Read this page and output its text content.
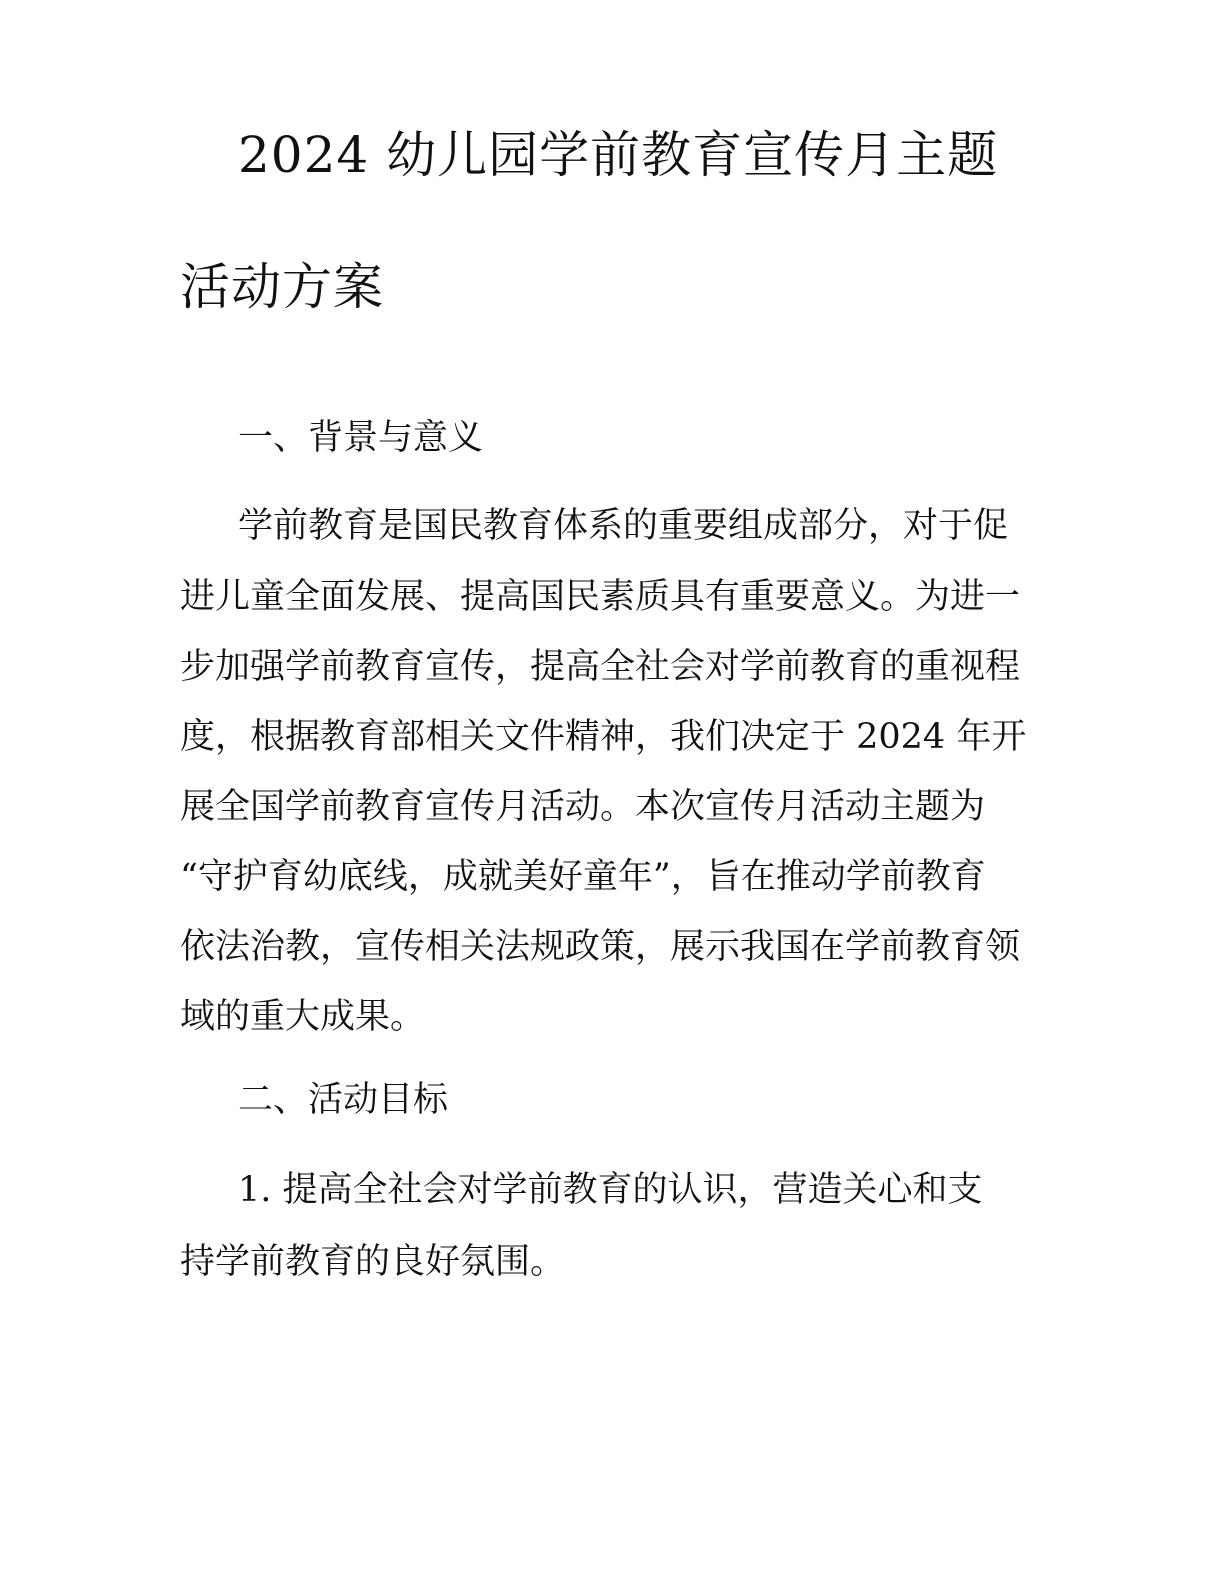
2024 幼儿园学前教育宣传月主题
活动方案
一、背景与意义
学前教育是国民教育体系的重要组成部分，对于促
进儿童全面发展、提高国民素质具有重要意义。为进一
步加强学前教育宣传，提高全社会对学前教育的重视程
度，根据教育部相关文件精神，我们决定于 2024 年开
展全国学前教育宣传月活动。本次宣传月活动主题为
“守护育幼底线，成就美好童年”，旨在推动学前教育
依法治教，宣传相关法规政策，展示我国在学前教育领
域的重大成果。
二、活动目标
1. 提高全社会对学前教育的认识，营造关心和支
持学前教育的良好氛围。
